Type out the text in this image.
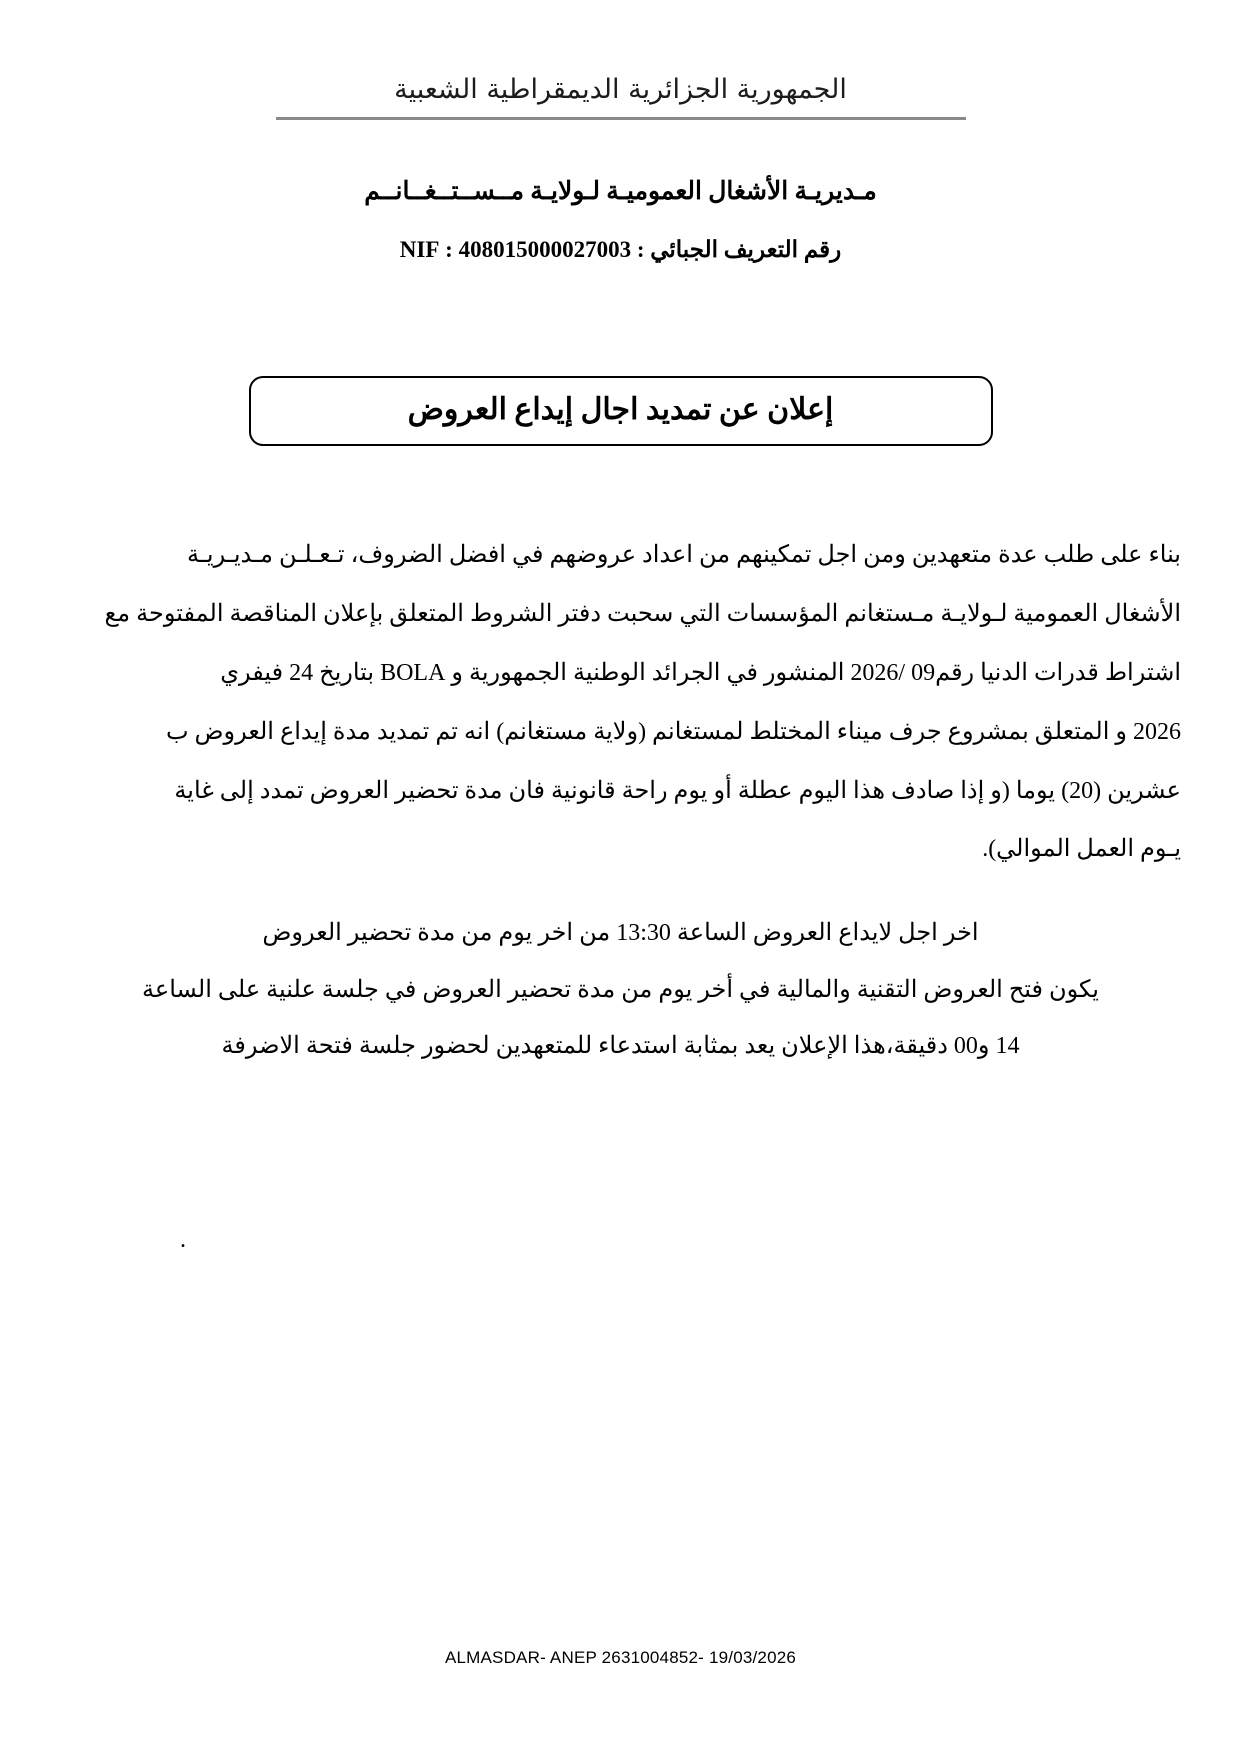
الجمهورية الجزائرية الديمقراطية الشعبية
مـديريـة الأشغال العموميـة لـولايـة مــســتــغــانــم
رقم التعريف الجبائي : 408015000027003 : NIF
إعلان عن تمديد اجال إيداع العروض
بناء على طلب عدة متعهدين ومن اجل تمكينهم من اعداد عروضهم في افضل الضروف، تـعـلـن مـديـريـة
الأشغال العمومية لـولايـة مـستغانم المؤسسات التي سحبت دفتر الشروط المتعلق بإعلان المناقصة المفتوحة مع
اشتراط قدرات الدنيا رقم09 /2026 المنشور في الجرائد الوطنية الجمهورية و BOLA بتاريخ 24 فيفري
2026 و المتعلق بمشروع جرف ميناء المختلط لمستغانم (ولاية مستغانم) انه تم تمديد مدة إيداع العروض ب
عشرين (20) يوما (و إذا صادف هذا اليوم عطلة أو يوم راحة قانونية فان مدة تحضير العروض تمدد إلى غاية
يـوم العمل الموالي).
اخر اجل لايداع العروض الساعة 13:30 من اخر يوم من مدة تحضير العروض
يكون فتح العروض التقنية والمالية في أخر يوم من مدة تحضير العروض في جلسة علنية على الساعة
14 و00 دقيقة،هذا الإعلان يعد بمثابة استدعاء للمتعهدين لحضور جلسة فتحة الاضرفة
.
ALMASDAR- ANEP 2631004852- 19/03/2026
